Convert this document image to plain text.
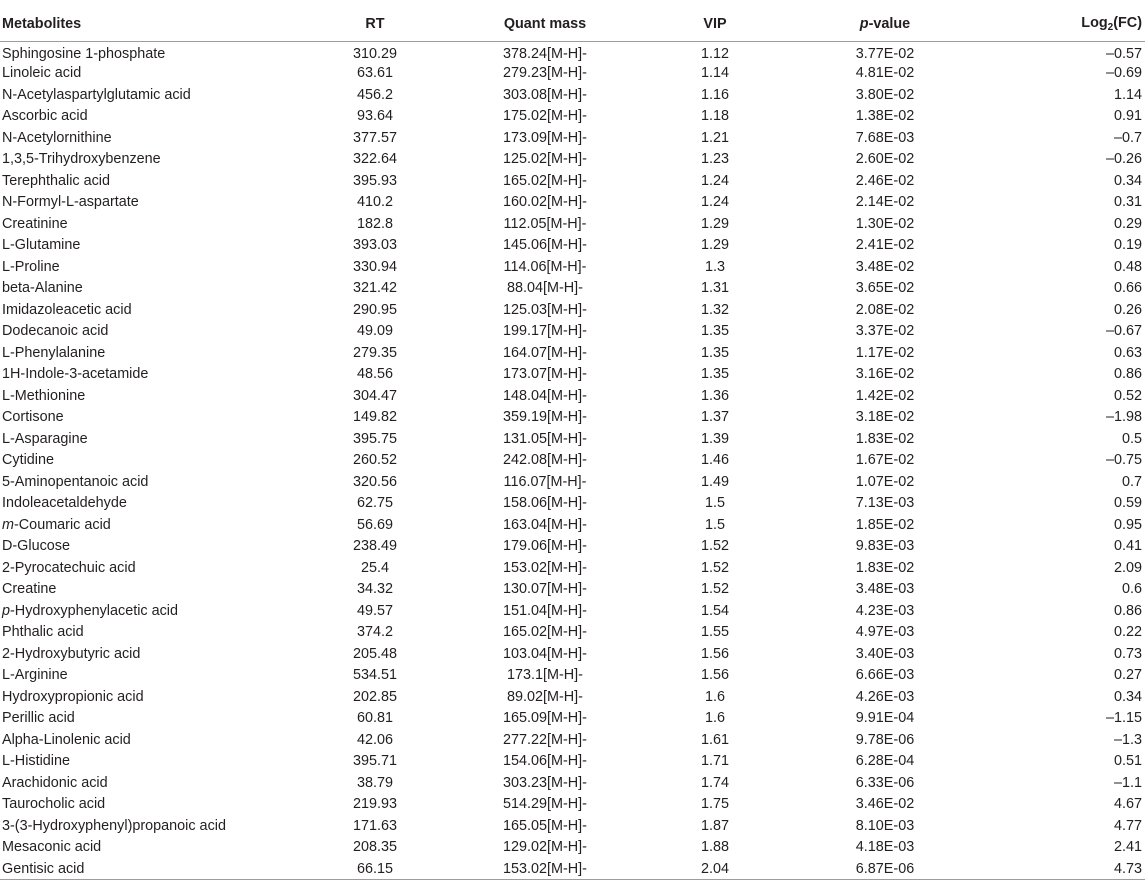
Metabolites	RT	Quant mass	VIP	p-value	Log$_2$(FC)
Sphingosine 1-phosphate	310.29	378.24[M-H]-	1.12	3.77E-02	–0.57
Linoleic acid	63.61	279.23[M-H]-	1.14	4.81E-02	–0.69
N-Acetylaspartylglutamic acid	456.2	303.08[M-H]-	1.16	3.80E-02	1.14
Ascorbic acid	93.64	175.02[M-H]-	1.18	1.38E-02	0.91
N-Acetylornithine	377.57	173.09[M-H]-	1.21	7.68E-03	–0.7
1,3,5-Trihydroxybenzene	322.64	125.02[M-H]-	1.23	2.60E-02	–0.26
Terephthalic acid	395.93	165.02[M-H]-	1.24	2.46E-02	0.34
N-Formyl-L-aspartate	410.2	160.02[M-H]-	1.24	2.14E-02	0.31
Creatinine	182.8	112.05[M-H]-	1.29	1.30E-02	0.29
L-Glutamine	393.03	145.06[M-H]-	1.29	2.41E-02	0.19
L-Proline	330.94	114.06[M-H]-	1.3	3.48E-02	0.48
beta-Alanine	321.42	88.04[M-H]-	1.31	3.65E-02	0.66
Imidazoleacetic acid	290.95	125.03[M-H]-	1.32	2.08E-02	0.26
Dodecanoic acid	49.09	199.17[M-H]-	1.35	3.37E-02	–0.67
L-Phenylalanine	279.35	164.07[M-H]-	1.35	1.17E-02	0.63
1H-Indole-3-acetamide	48.56	173.07[M-H]-	1.35	3.16E-02	0.86
L-Methionine	304.47	148.04[M-H]-	1.36	1.42E-02	0.52
Cortisone	149.82	359.19[M-H]-	1.37	3.18E-02	–1.98
L-Asparagine	395.75	131.05[M-H]-	1.39	1.83E-02	0.5
Cytidine	260.52	242.08[M-H]-	1.46	1.67E-02	–0.75
5-Aminopentanoic acid	320.56	116.07[M-H]-	1.49	1.07E-02	0.7
Indoleacetaldehyde	62.75	158.06[M-H]-	1.5	7.13E-03	0.59
m-Coumaric acid	56.69	163.04[M-H]-	1.5	1.85E-02	0.95
D-Glucose	238.49	179.06[M-H]-	1.52	9.83E-03	0.41
2-Pyrocatechuic acid	25.4	153.02[M-H]-	1.52	1.83E-02	2.09
Creatine	34.32	130.07[M-H]-	1.52	3.48E-03	0.6
p-Hydroxyphenylacetic acid	49.57	151.04[M-H]-	1.54	4.23E-03	0.86
Phthalic acid	374.2	165.02[M-H]-	1.55	4.97E-03	0.22
2-Hydroxybutyric acid	205.48	103.04[M-H]-	1.56	3.40E-03	0.73
L-Arginine	534.51	173.1[M-H]-	1.56	6.66E-03	0.27
Hydroxypropionic acid	202.85	89.02[M-H]-	1.6	4.26E-03	0.34
Perillic acid	60.81	165.09[M-H]-	1.6	9.91E-04	–1.15
Alpha-Linolenic acid	42.06	277.22[M-H]-	1.61	9.78E-06	–1.3
L-Histidine	395.71	154.06[M-H]-	1.71	6.28E-04	0.51
Arachidonic acid	38.79	303.23[M-H]-	1.74	6.33E-06	–1.1
Taurocholic acid	219.93	514.29[M-H]-	1.75	3.46E-02	4.67
3-(3-Hydroxyphenyl)propanoic acid	171.63	165.05[M-H]-	1.87	8.10E-03	4.77
Mesaconic acid	208.35	129.02[M-H]-	1.88	4.18E-03	2.41
Gentisic acid	66.15	153.02[M-H]-	2.04	6.87E-06	4.73
